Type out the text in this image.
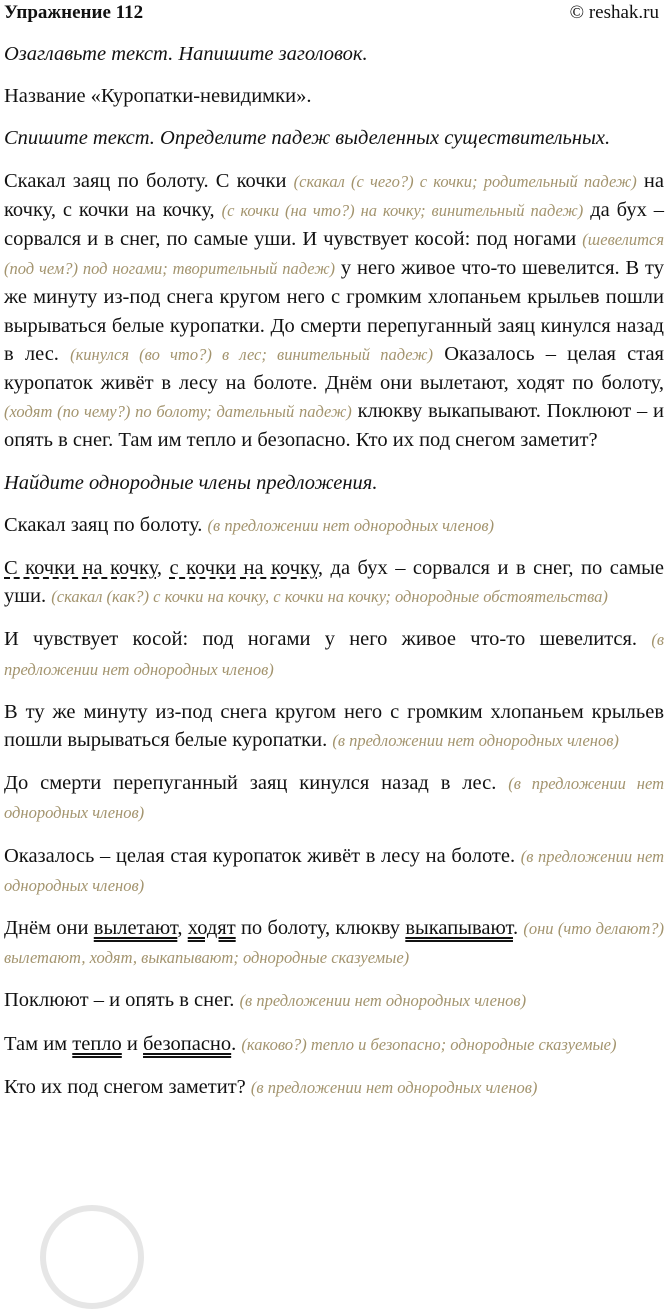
Упражнение 112	© reshak.ru

Озаглавьте текст. Напишите заголовок.

Название «Куропатки-невидимки».

Спишите текст. Определите падеж выделенных существительных.

Скакал заяц по болоту. С кочки (скакал (с чего?) с кочки; родительный падеж) на кочку, с кочки на кочку, (с кочки (на что?) на кочку; винительный падеж) да бух – сорвался и в снег, по самые уши. И чувствует косой: под ногами (шевелится (под чем?) под ногами; творительный падеж) у него живое что-то шевелится. В ту же минуту из-под снега кругом него с громким хлопаньем крыльев пошли вырываться белые куропатки. До смерти перепуганный заяц кинулся назад в лес. (кинулся (во что?) в лес; винительный падеж) Оказалось – целая стая куропаток живёт в лесу на болоте. Днём они вылетают, ходят по болоту, (ходят (по чему?) по болоту; дательный падеж) клюкву выкапывают. Поклюют – и опять в снег. Там им тепло и безопасно. Кто их под снегом заметит?

Найдите однородные члены предложения.

Скакал заяц по болоту. (в предложении нет однородных членов)

С кочки на кочку, с кочки на кочку, да бух – сорвался и в снег, по самые уши. (скакал (как?) с кочки на кочку, с кочки на кочку; однородные обстоятельства)

И чувствует косой: под ногами у него живое что-то шевелится. (в предложении нет однородных членов)

В ту же минуту из-под снега кругом него с громким хлопаньем крыльев пошли вырываться белые куропатки. (в предложении нет однородных членов)

До смерти перепуганный заяц кинулся назад в лес. (в предложении нет однородных членов)

Оказалось – целая стая куропаток живёт в лесу на болоте. (в предложении нет однородных членов)

Днём они вылетают, ходят по болоту, клюкву выкапывают. (они (что делают?) вылетают, ходят, выкапывают; однородные сказуемые)

Поклюют – и опять в снег. (в предложении нет однородных членов)

Там им тепло и безопасно. (каково?) тепло и безопасно; однородные сказуемые)

Кто их под снегом заметит? (в предложении нет однородных членов)
